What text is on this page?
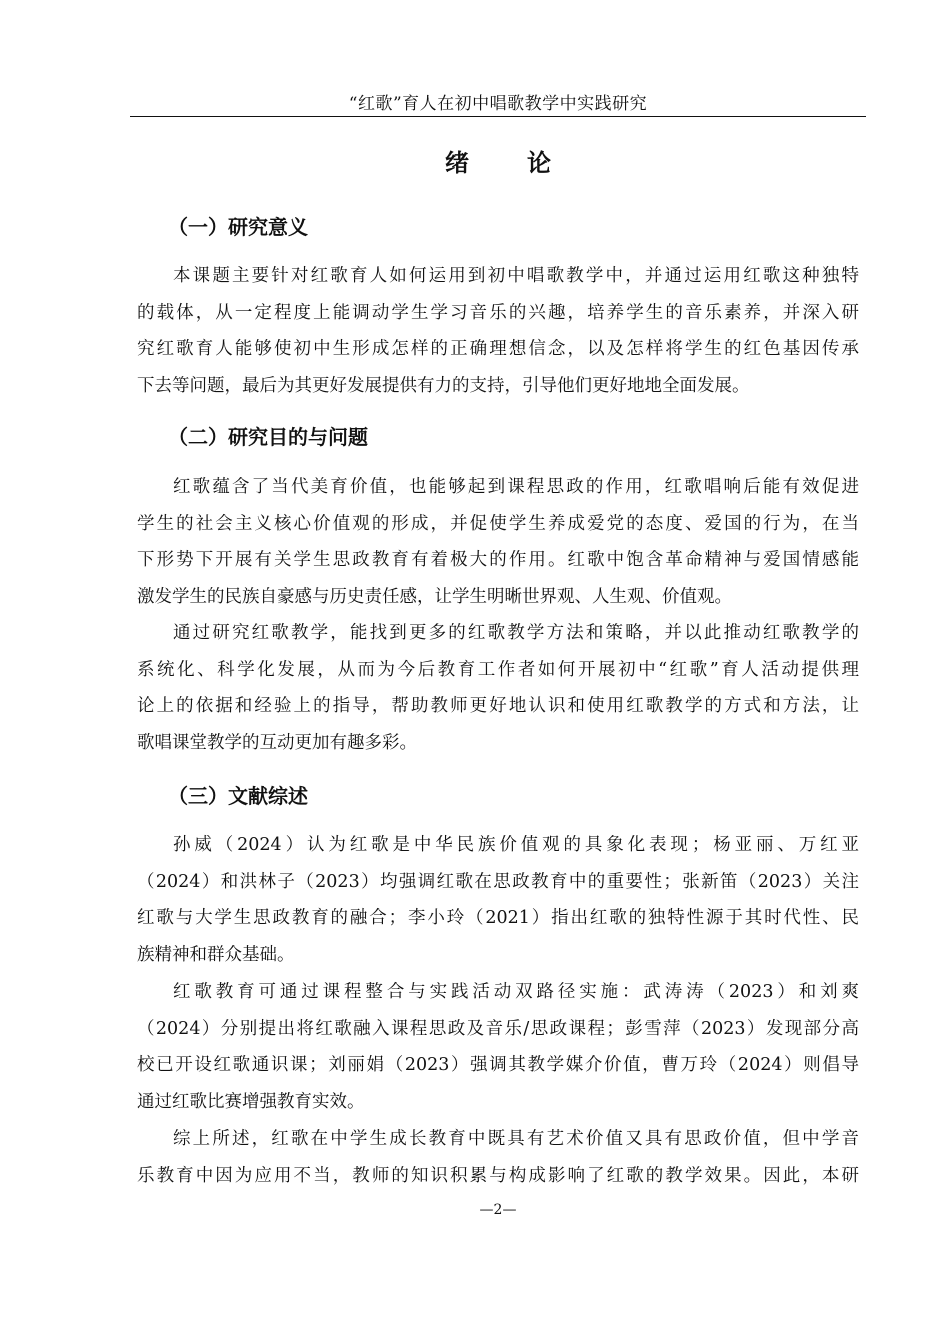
“红歌”育人在初中唱歌教学中实践研究
绪论
（一）研究意义
本课题主要针对红歌育人如何运用到初中唱歌教学中，并通过运用红歌这种独特
的载体，从一定程度上能调动学生学习音乐的兴趣，培养学生的音乐素养，并深入研
究红歌育人能够使初中生形成怎样的正确理想信念，以及怎样将学生的红色基因传承
下去等问题，最后为其更好发展提供有力的支持，引导他们更好地地全面发展。
（二）研究目的与问题
红歌蕴含了当代美育价值，也能够起到课程思政的作用，红歌唱响后能有效促进
学生的社会主义核心价值观的形成，并促使学生养成爱党的态度、爱国的行为，在当
下形势下开展有关学生思政教育有着极大的作用。红歌中饱含革命精神与爱国情感能
激发学生的民族自豪感与历史责任感，让学生明晰世界观、人生观、价值观。
通过研究红歌教学，能找到更多的红歌教学方法和策略，并以此推动红歌教学的
系统化、科学化发展，从而为今后教育工作者如何开展初中“红歌”育人活动提供理
论上的依据和经验上的指导，帮助教师更好地认识和使用红歌教学的方式和方法，让
歌唱课堂教学的互动更加有趣多彩。
（三）文献综述
孙威（2024）认为红歌是中华民族价值观的具象化表现；杨亚丽、万红亚
（2024）和洪林子（2023）均强调红歌在思政教育中的重要性；张新笛（2023）关注
红歌与大学生思政教育的融合；李小玲（2021）指出红歌的独特性源于其时代性、民
族精神和群众基础。
红歌教育可通过课程整合与实践活动双路径实施：武涛涛（2023）和刘爽
（2024）分别提出将红歌融入课程思政及音乐/思政课程；彭雪萍（2023）发现部分高
校已开设红歌通识课；刘丽娟（2023）强调其教学媒介价值，曹万玲（2024）则倡导
通过红歌比赛增强教育实效。
综上所述，红歌在中学生成长教育中既具有艺术价值又具有思政价值，但中学音
乐教育中因为应用不当，教师的知识积累与构成影响了红歌的教学效果。因此，本研
—2—
